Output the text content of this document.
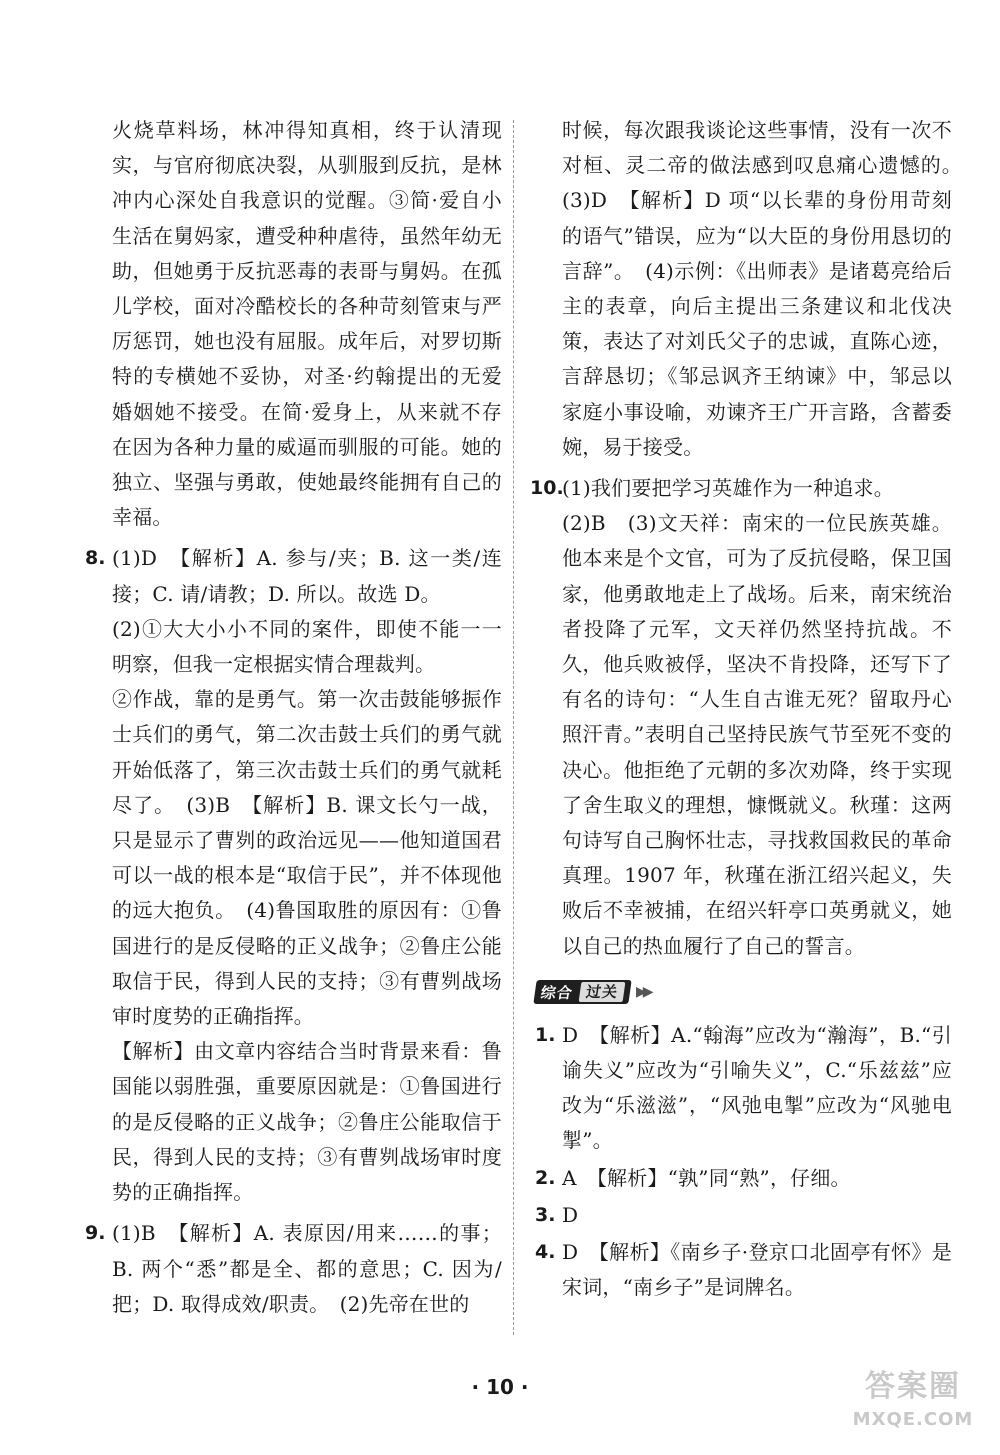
火烧草料场，林冲得知真相，终于认清现实，与官府彻底决裂，从驯服到反抗，是林冲内心深处自我意识的觉醒。③简·爱自小生活在舅妈家，遭受种种虐待，虽然年幼无助，但她勇于反抗恶毒的表哥与舅妈。在孤儿学校，面对冷酷校长的各种苛刻管束与严厉惩罚，她也没有屈服。成年后，对罗切斯特的专横她不妥协，对圣·约翰提出的无爱婚姻她不接受。在简·爱身上，从来就不存在因为各种力量的威逼而驯服的可能。她的独立、坚强与勇敢，使她最终能拥有自己的幸福。

8. (1)D　【解析】A. 参与/夹；B. 这一类/连接；C. 请/请教；D. 所以。故选 D。

(2)①大大小小不同的案件，即使不能一一明察，但我一定根据实情合理裁判。

②作战，靠的是勇气。第一次击鼓能够振作士兵们的勇气，第二次击鼓士兵们的勇气就开始低落了，第三次击鼓士兵们的勇气就耗尽了。　(3)B　【解析】B. 课文长勺一战，只是显示了曹刿的政治远见——他知道国君可以一战的根本是“取信于民”，并不体现他的远大抱负。　(4)鲁国取胜的原因有：①鲁国进行的是反侵略的正义战争；②鲁庄公能取信于民，得到人民的支持；③有曹刿战场审时度势的正确指挥。

【解析】由文章内容结合当时背景来看：鲁国能以弱胜强，重要原因就是：①鲁国进行的是反侵略的正义战争；②鲁庄公能取信于民，得到人民的支持；③有曹刿战场审时度势的正确指挥。

9. (1)B　【解析】A. 表原因/用来……的事；B. 两个“悉”都是全、都的意思；C. 因为/把；D. 取得成效/职责。　(2)先帝在世的

时候，每次跟我谈论这些事情，没有一次不对桓、灵二帝的做法感到叹息痛心遗憾的。　(3)D　【解析】D 项“以长辈的身份用苛刻的语气”错误，应为“以大臣的身份用恳切的言辞”。　(4)示例：《出师表》是诸葛亮给后主的表章，向后主提出三条建议和北伐决策，表达了对刘氏父子的忠诚，直陈心迹，言辞恳切；《邹忌讽齐王纳谏》中，邹忌以家庭小事设喻，劝谏齐王广开言路，含蓄委婉，易于接受。

10.

(1)我们要把学习英雄作为一种追求。

(2)B　(3)文天祥：南宋的一位民族英雄。他本来是个文官，可为了反抗侵略，保卫国家，他勇敢地走上了战场。后来，南宋统治者投降了元军，文天祥仍然坚持抗战。不久，他兵败被俘，坚决不肯投降，还写下了有名的诗句：“人生自古谁无死？留取丹心照汗青。”表明自己坚持民族气节至死不变的决心。他拒绝了元朝的多次劝降，终于实现了舍生取义的理想，慷慨就义。秋瑾：这两句诗写自己胸怀壮志，寻找救国救民的革命真理。1907 年，秋瑾在浙江绍兴起义，失败后不幸被捕，在绍兴轩亭口英勇就义，她以自己的热血履行了自己的誓言。

综合 过关	▶▶
1. D　【解析】A.“翰海”应改为“瀚海”，B.“引谕失义”应改为“引喻失义”，C.“乐兹兹”应改为“乐滋滋”，“风弛电掣”应改为“风驰电掣”。

2. A　【解析】“孰”同“熟”，仔细。

3. D

4. D　【解析】《南乡子·登京口北固亭有怀》是宋词，“南乡子”是词牌名。

· 10 ·	答案圈
MXQE.COM
